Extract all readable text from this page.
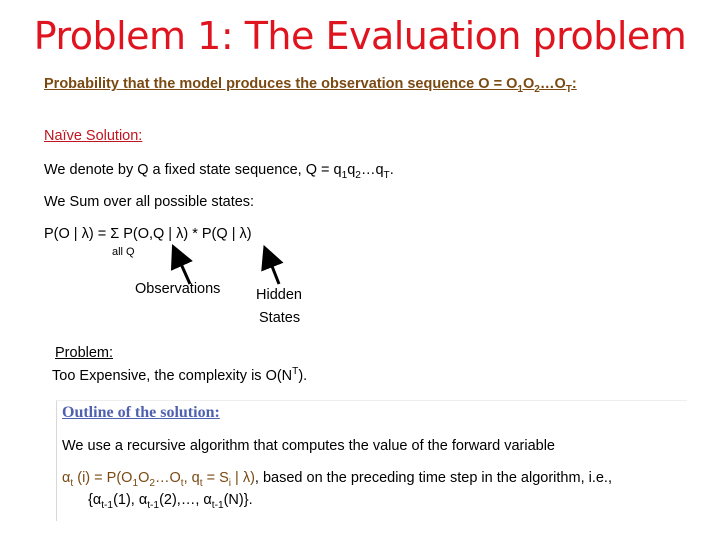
Problem 1: The Evaluation problem
Probability that the model produces the observation sequence $O = O_1O_2\dots O_T$:
Naïve Solution:
We denote by Q a fixed state sequence, $Q = q_1q_2\dots q_T$.
We Sum over all possible states:
P(O | λ) = Σ P(O,Q | λ) * P(Q | λ)
all Q
Observations Hidden
States
Problem:
Too Expensive, the complexity is $O(N^T)$.
Outline of the solution:
We use a recursive algorithm that computes the value of the forward variable
$\alpha_t$ $(i) = P(O_1O_2\dots O_t$, $q_t = S_i$ | λ), based on the preceding time step in the algorithm, i.e.,
{$\alpha_{t-1}(1)$, $\alpha_{t-1}(2),\dots$, $\alpha_{t-1}(N)$}.
